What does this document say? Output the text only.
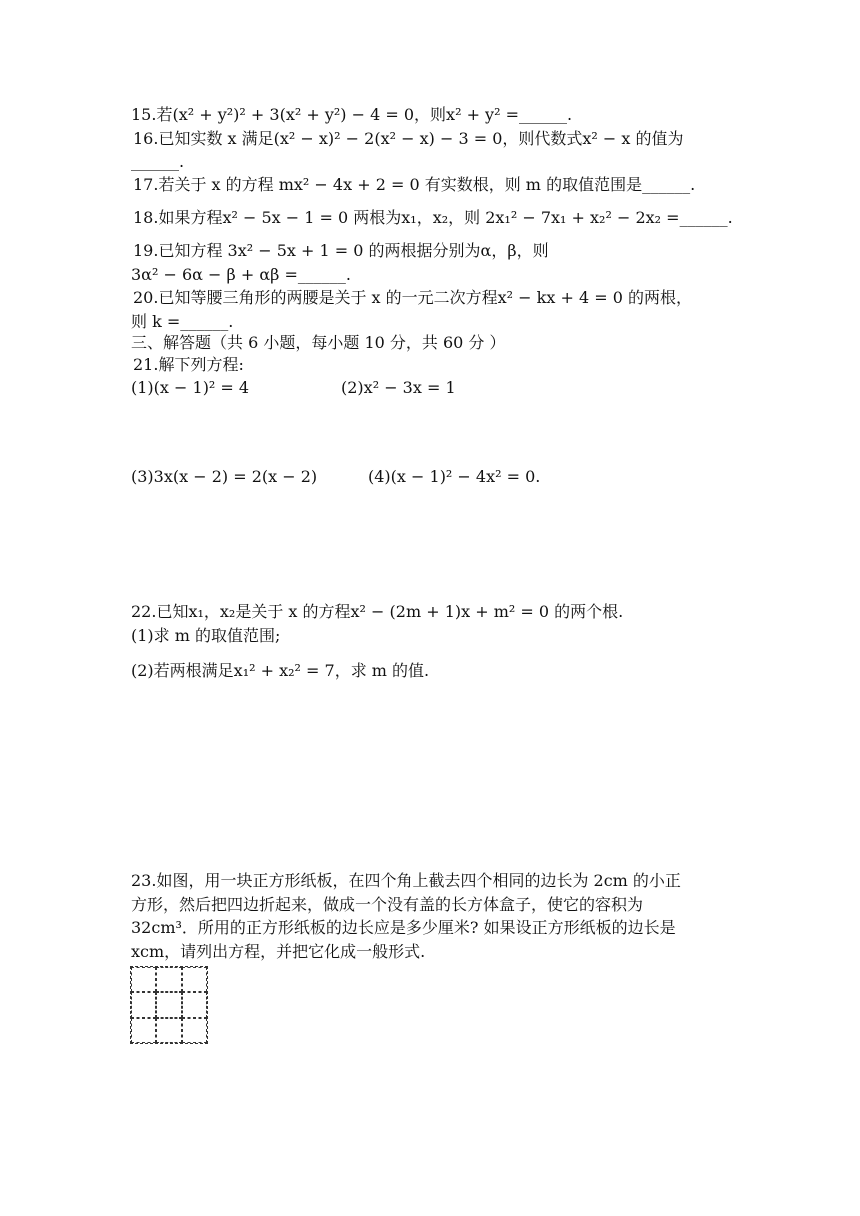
15.若(x² + y²)² + 3(x² + y²) − 4 = 0，则x² + y² =______.
16.已知实数 x 满足(x² − x)² − 2(x² − x) − 3 = 0，则代数式x² − x 的值为
______.
17.若关于 x 的方程 mx² − 4x + 2 = 0 有实数根，则 m 的取值范围是______.
18.如果方程x² − 5x − 1 = 0 两根为x₁，x₂，则 2x₁² − 7x₁ + x₂² − 2x₂ =______.
19.已知方程 3x² − 5x + 1 = 0 的两根据分别为α，β，则
3α² − 6α − β + αβ =______.
20.已知等腰三角形的两腰是关于 x 的一元二次方程x² − kx + 4 = 0 的两根，
则 k =______.
三、解答题（共 6 小题，每小题 10 分，共 60 分 ）
21.解下列方程:
(1)(x − 1)² = 4	(2)x² − 3x = 1
(3)3x(x − 2) = 2(x − 2)	(4)(x − 1)² − 4x² = 0.
22.已知x₁，x₂是关于 x 的方程x² − (2m + 1)x + m² = 0 的两个根.
(1)求 m 的取值范围;
(2)若两根满足x₁² + x₂² = 7，求 m 的值.
23.如图，用一块正方形纸板，在四个角上截去四个相同的边长为 2cm 的小正
方形，然后把四边折起来，做成一个没有盖的长方体盒子，使它的容积为
32cm³．所用的正方形纸板的边长应是多少厘米? 如果设正方形纸板的边长是
xcm，请列出方程，并把它化成一般形式.
